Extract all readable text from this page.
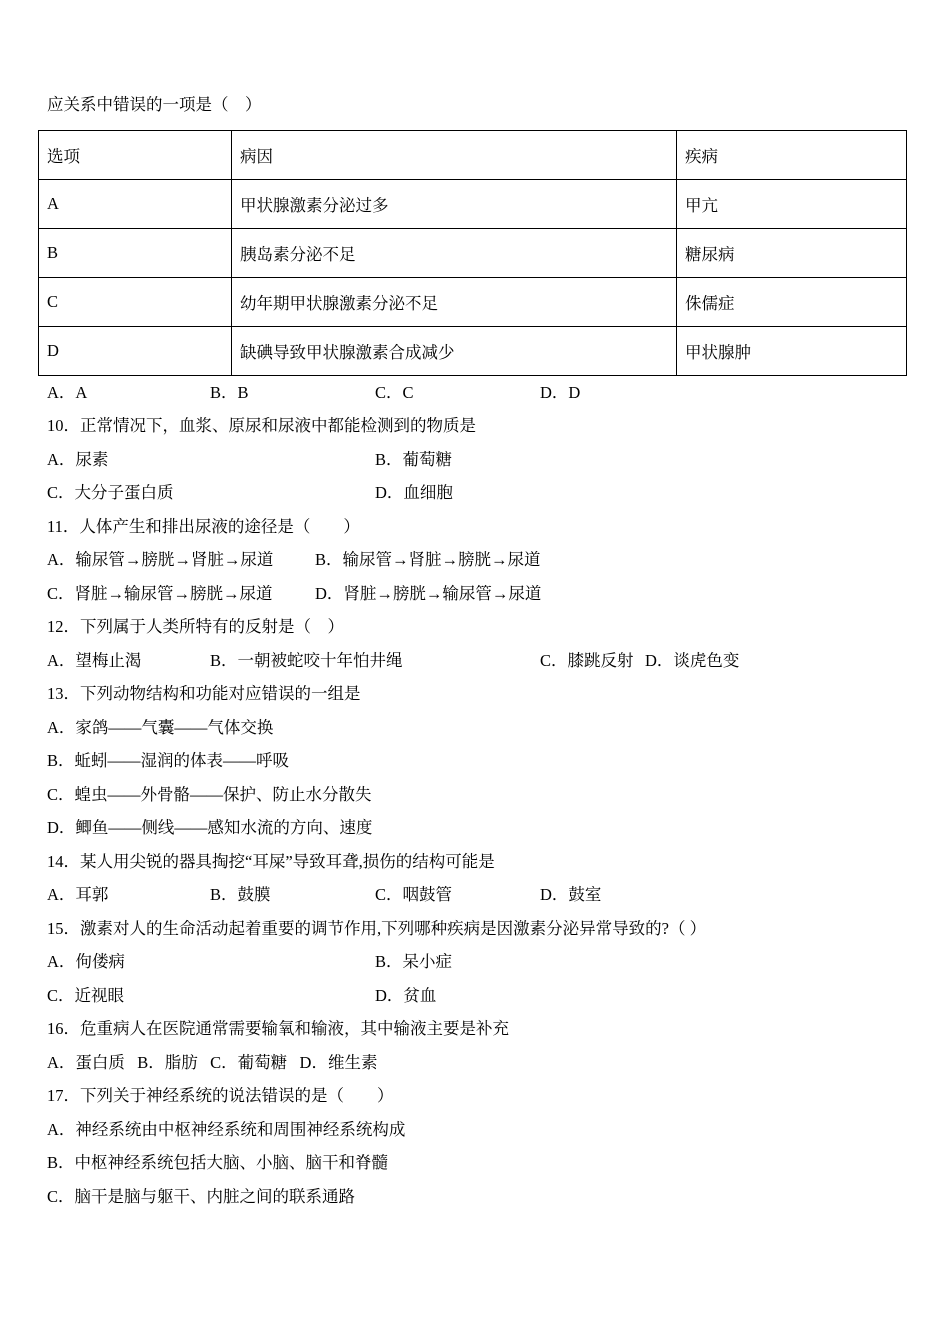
应关系中错误的一项是（　）
选项	病因	疾病
A	甲状腺激素分泌过多	甲亢
B	胰岛素分泌不足	糖尿病
C	幼年期甲状腺激素分泌不足	侏儒症
D	缺碘导致甲状腺激素合成减少	甲状腺肿
A．A	B．B	C．C	D．D
10．正常情况下，血浆、原尿和尿液中都能检测到的物质是
A．尿素	B．葡萄糖
C．大分子蛋白质	D．血细胞
11．人体产生和排出尿液的途径是（　　）
A．输尿管→膀胱→肾脏→尿道	B．输尿管→肾脏→膀胱→尿道
C．肾脏→输尿管→膀胱→尿道	D．肾脏→膀胱→输尿管→尿道
12．下列属于人类所特有的反射是（　）
A．望梅止渴	B．一朝被蛇咬十年怕井绳	C．膝跳反射 D．谈虎色变
13．下列动物结构和功能对应错误的一组是
A．家鸽——气囊——气体交换
B．蚯蚓——湿润的体表——呼吸
C．蝗虫——外骨骼——保护、防止水分散失
D．鲫鱼——侧线——感知水流的方向、速度
14．某人用尖锐的器具掏挖“耳屎”导致耳聋,损伤的结构可能是
A．耳郭	B．鼓膜	C．咽鼓管	D．鼓室
15．激素对人的生命活动起着重要的调节作用,下列哪种疾病是因激素分泌异常导致的?（ ）
A．佝偻病	B．呆小症
C．近视眼	D．贫血
16．危重病人在医院通常需要输氧和输液，其中输液主要是补充
A．蛋白质   B．脂肪   C．葡萄糖   D．维生素
17．下列关于神经系统的说法错误的是（　　）
A．神经系统由中枢神经系统和周围神经系统构成
B．中枢神经系统包括大脑、小脑、脑干和脊髓
C．脑干是脑与躯干、内脏之间的联系通路
